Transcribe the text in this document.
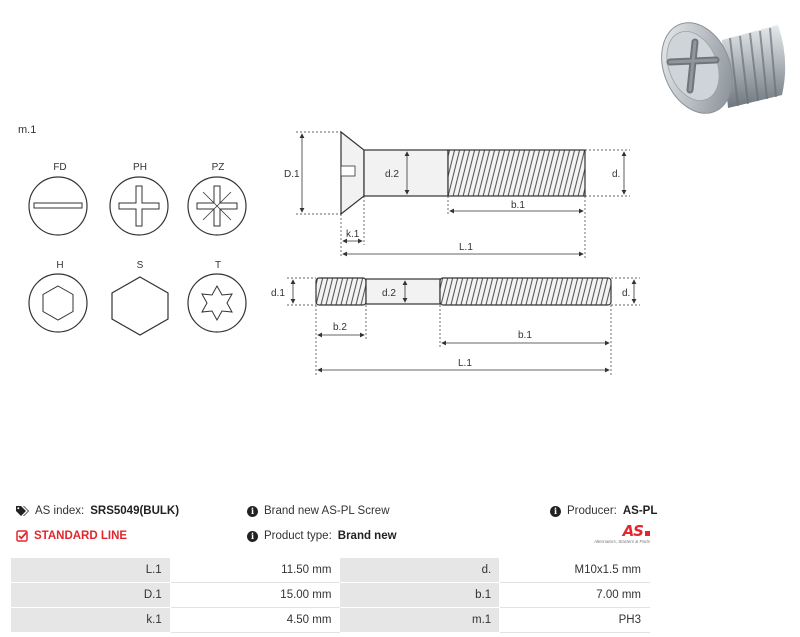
m.1
FD	PH	PZ
H	S	T
D.1	d.2	d.
b.1
k.1
L.1
d.1	d.2	d.
b.2
b.1
L.1
AS index: SRS5049(BULK)
STANDARD LINE
i Brand new AS-PL Screw
i Product type: Brand new
i Producer: AS-PL
AS
Alternators, Starters & Parts
L.1	11.50 mm	d.	M10x1.5 mm
D.1	15.00 mm	b.1	7.00 mm
k.1	4.50 mm	m.1	PH3
